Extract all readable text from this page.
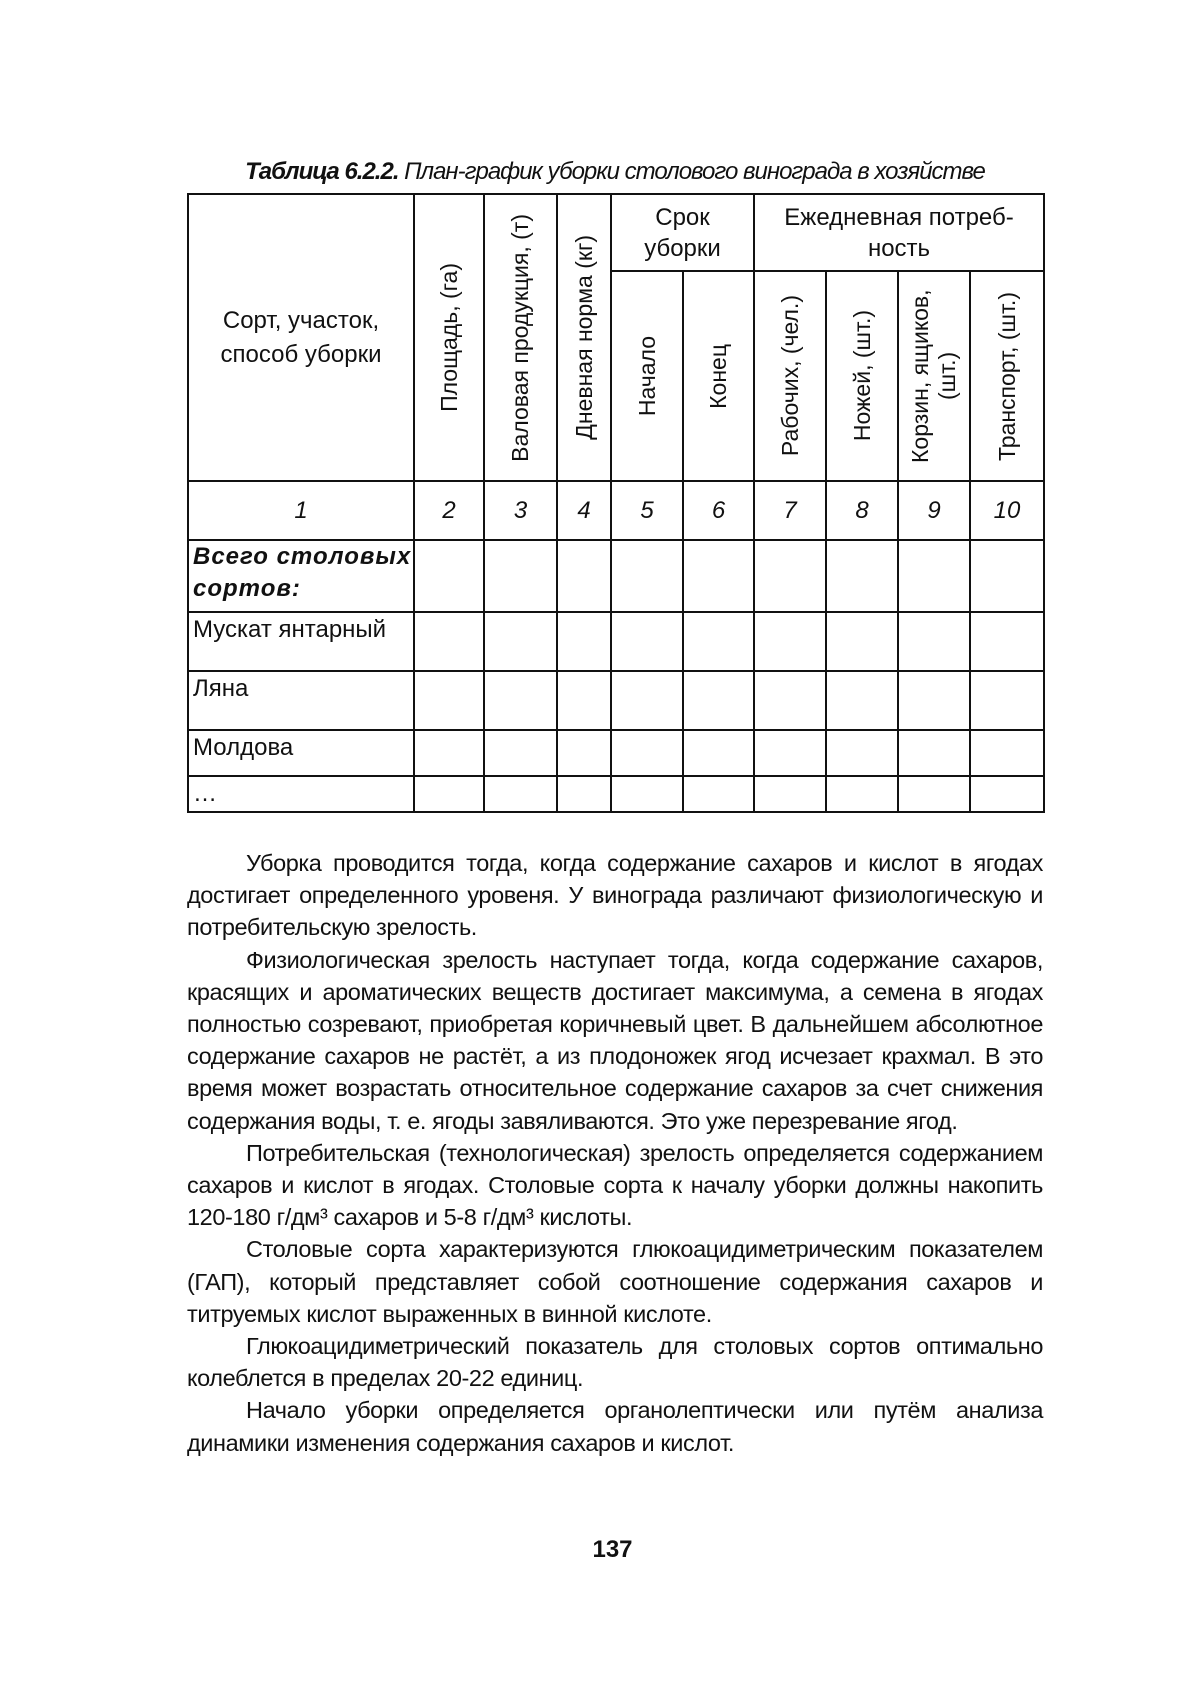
Таблица 6.2.2. План-график уборки столового винограда в хозяйстве
Сорт, участок, способ уборки	Площадь, (га)	Валовая продукция, (т)	Дневная норма (кг)	Срок уборки		Ежедневная потреб-ность			

				Начало	Конец	Рабочих, (чел.)	Ножей, (шт.)	Корзин, ящиков, (шт.)	Транспорт, (шт.)

1	2	3	4	5	6	7	8	9	10
Всего столовых сортов:									
Мускат янтарный									
Ляна									
Молдова									
…									

Уборка проводится тогда, когда содержание сахаров и кислот в ягодах достигает определенного уровеня. У винограда различают физиологическую и потребительскую зрелость.

Физиологическая зрелость наступает тогда, когда содержание сахаров, красящих и ароматических веществ достигает максимума, а семена в ягодах полностью созревают, приобретая коричневый цвет. В дальнейшем абсолютное содержание сахаров не растёт, а из плодоножек ягод исчезает крахмал. В это время может возрастать относительное содержание сахаров за счет снижения содержания воды, т. е. ягоды завяливаются. Это уже перезревание ягод.

Потребительская (технологическая) зрелость определяется содержанием сахаров и кислот в ягодах. Столовые сорта к началу уборки должны накопить 120-180 г/дм³ сахаров и 5-8 г/дм³ кислоты.

Столовые сорта характеризуются глюкоацидиметрическим показателем (ГАП), который представляет собой соотношение содержания сахаров и титруемых кислот выраженных в винной кислоте.

Глюкоацидиметрический показатель для столовых сортов оптимально колеблется в пределах 20-22 единиц.

Начало уборки определяется органолептически или путём анализа динамики изменения содержания сахаров и кислот.

137
